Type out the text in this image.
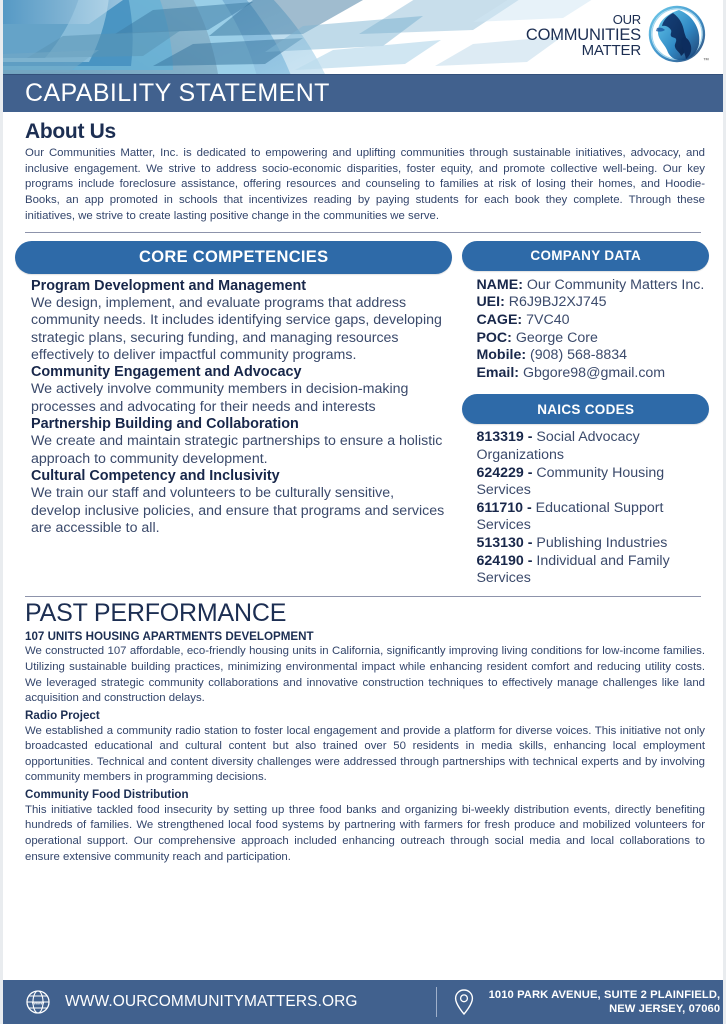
OUR
COMMUNITIES
MATTER
™
CAPABILITY STATEMENT
About Us

Our Communities Matter, Inc. is dedicated to empowering and uplifting communities through sustainable initiatives, advocacy, and inclusive engagement. We strive to address socio-economic disparities, foster equity, and promote collective well-being. Our key programs include foreclosure assistance, offering resources and counseling to families at risk of losing their homes, and Hoodie-Books, an app promoted in schools that incentivizes reading by paying students for each book they complete. Through these initiatives, we strive to create lasting positive change in the communities we serve.

CORE COMPETENCIES
Program Development and Management
We design, implement, and evaluate programs that address community needs. It includes identifying service gaps, developing strategic plans, securing funding, and managing resources effectively to deliver impactful community programs.
Community Engagement and Advocacy
We actively involve community members in decision-making processes and advocating for their needs and interests
Partnership Building and Collaboration
We create and maintain strategic partnerships to ensure a holistic approach to community development.
Cultural Competency and Inclusivity
We train our staff and volunteers to be culturally sensitive, develop inclusive policies, and ensure that programs and services are accessible to all.
COMPANY DATA
NAME: Our Community Matters Inc.
UEI: R6J9BJ2XJ745
CAGE: 7VC40
POC: George Core
Mobile: (908) 568-8834
Email: Gbgore98@gmail.com
NAICS CODES
813319 - Social Advocacy Organizations
624229 - Community Housing Services
611710 - Educational Support Services
513130 - Publishing Industries
624190 - Individual and Family Services
PAST PERFORMANCE
107 UNITS HOUSING APARTMENTS DEVELOPMENT
We constructed 107 affordable, eco-friendly housing units in California, significantly improving living conditions for low-income families. Utilizing sustainable building practices, minimizing environmental impact while enhancing resident comfort and reducing utility costs. We leveraged strategic community collaborations and innovative construction techniques to effectively manage challenges like land acquisition and construction delays.
Radio Project
We established a community radio station to foster local engagement and provide a platform for diverse voices. This initiative not only broadcasted educational and cultural content but also trained over 50 residents in media skills, enhancing local employment opportunities. Technical and content diversity challenges were addressed through partnerships with technical experts and by involving community members in programming decisions.
Community Food Distribution
This initiative tackled food insecurity by setting up three food banks and organizing bi-weekly distribution events, directly benefiting hundreds of families. We strengthened local food systems by partnering with farmers for fresh produce and mobilized volunteers for operational support. Our comprehensive approach included enhancing outreach through social media and local collaborations to ensure extensive community reach and participation.
www WWW.OURCOMMUNITYMATTERS.ORG	1010 PARK AVENUE, SUITE 2 PLAINFIELD,
NEW JERSEY, 07060
